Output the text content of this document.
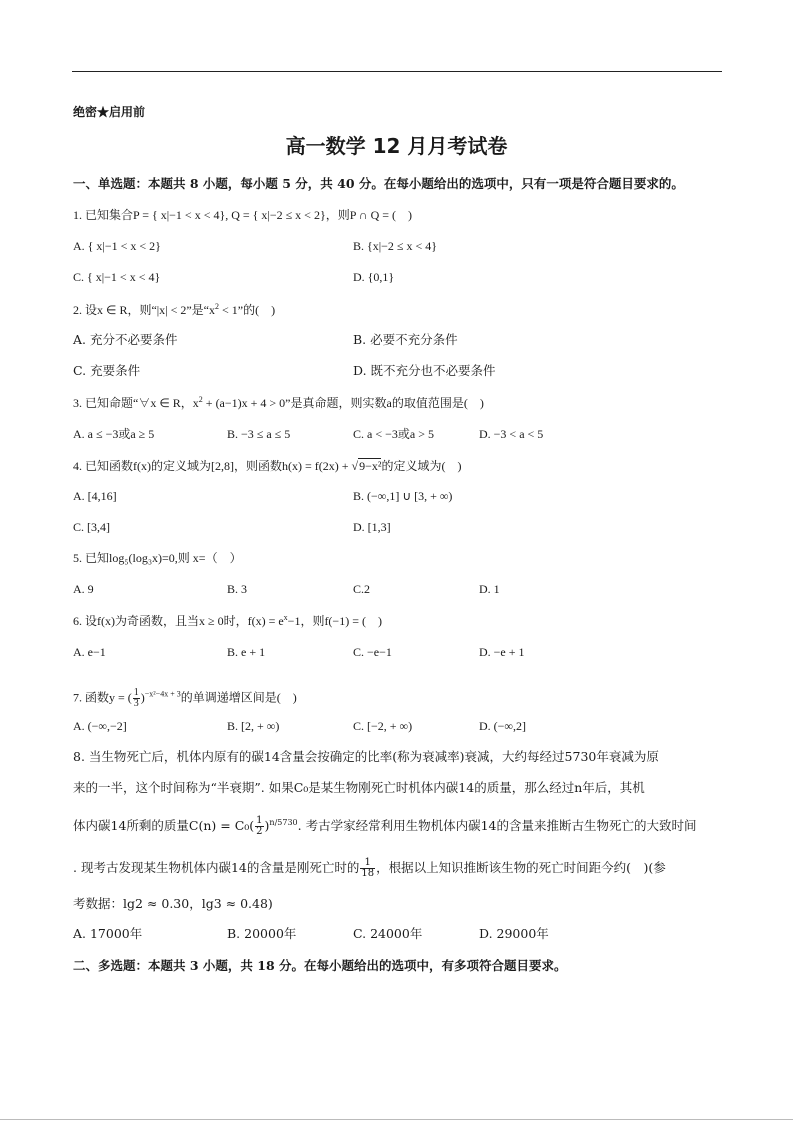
绝密★启用前
高一数学 12 月月考试卷
一、单选题：本题共 8 小题，每小题 5 分，共 40 分。在每小题给出的选项中，只有一项是符合题目要求的。
1. 已知集合P = { x|−1 < x < 4}, Q = { x|−2 ≤ x < 2}，则P ∩ Q = (　)
A. { x|−1 < x < 2}	B. {x|−2 ≤ x < 4}
C. { x|−1 < x < 4}	D. {0,1}
2. 设x ∈ R，则“|x| < 2”是“$x^2 < 1$”的(　)
A. 充分不必要条件	B. 必要不充分条件
C. 充要条件	D. 既不充分也不必要条件
3. 已知命题“∀x ∈ R，$x^2 + (a-1)x + 4 > 0$”是真命题，则实数a的取值范围是(　)
A. a ≤ −3或a ≥ 5	B. −3 ≤ a ≤ 5	C. a < −3或a > 5	D. −3 < a < 5
4. 已知函数f(x)的定义域为[2,8]，则函数h(x) = f(2x) + √9−x²的定义域为(　)
A. [4,16]	B. (−∞,1] ∪ [3, + ∞)
C. [3,4]	D. [1,3]
5. 已知log₅(log₃x)=0,则 x=（　）
A. 9	B. 3	C.2	D. 1
6. 设f(x)为奇函数，且当x ≥ 0时，$f(x) = e^x-1$，则f(−1) = (　)
A. e−1	B. e + 1	C. −e−1	D. −e + 1
7. 函数y = ( $\frac{1}{3} )^{-x^2-4x + 3}$的单调递增区间是(　)
A. (−∞,−2]	B. [2, + ∞)	C. [−2, + ∞)	D. (−∞,2]
8. 当生物死亡后，机体内原有的碳14含量会按确定的比率(称为衰减率)衰减，大约每经过5730年衰减为原
来的一半，这个时间称为“半衰期”. 如果C₀是某生物刚死亡时机体内碳14的质量，那么经过n年后，其机
体内碳14所剩的质量$C(n) = C_0( \frac{1}{2} )^{n/5730}$. 考古学家经常利用生物机体内碳14的含量来推断古生物死亡的大致时间
. 现考古发现某生物机体内碳14的含量是刚死亡时的 $\frac{1}{18}$ ，根据以上知识推断该生物的死亡时间距今约(　)(参
考数据：lg2 ≈ 0.30，lg3 ≈ 0.48)
A. 17000年	B. 20000年	C. 24000年	D. 29000年
二、多选题：本题共 3 小题，共 18 分。在每小题给出的选项中，有多项符合题目要求。
